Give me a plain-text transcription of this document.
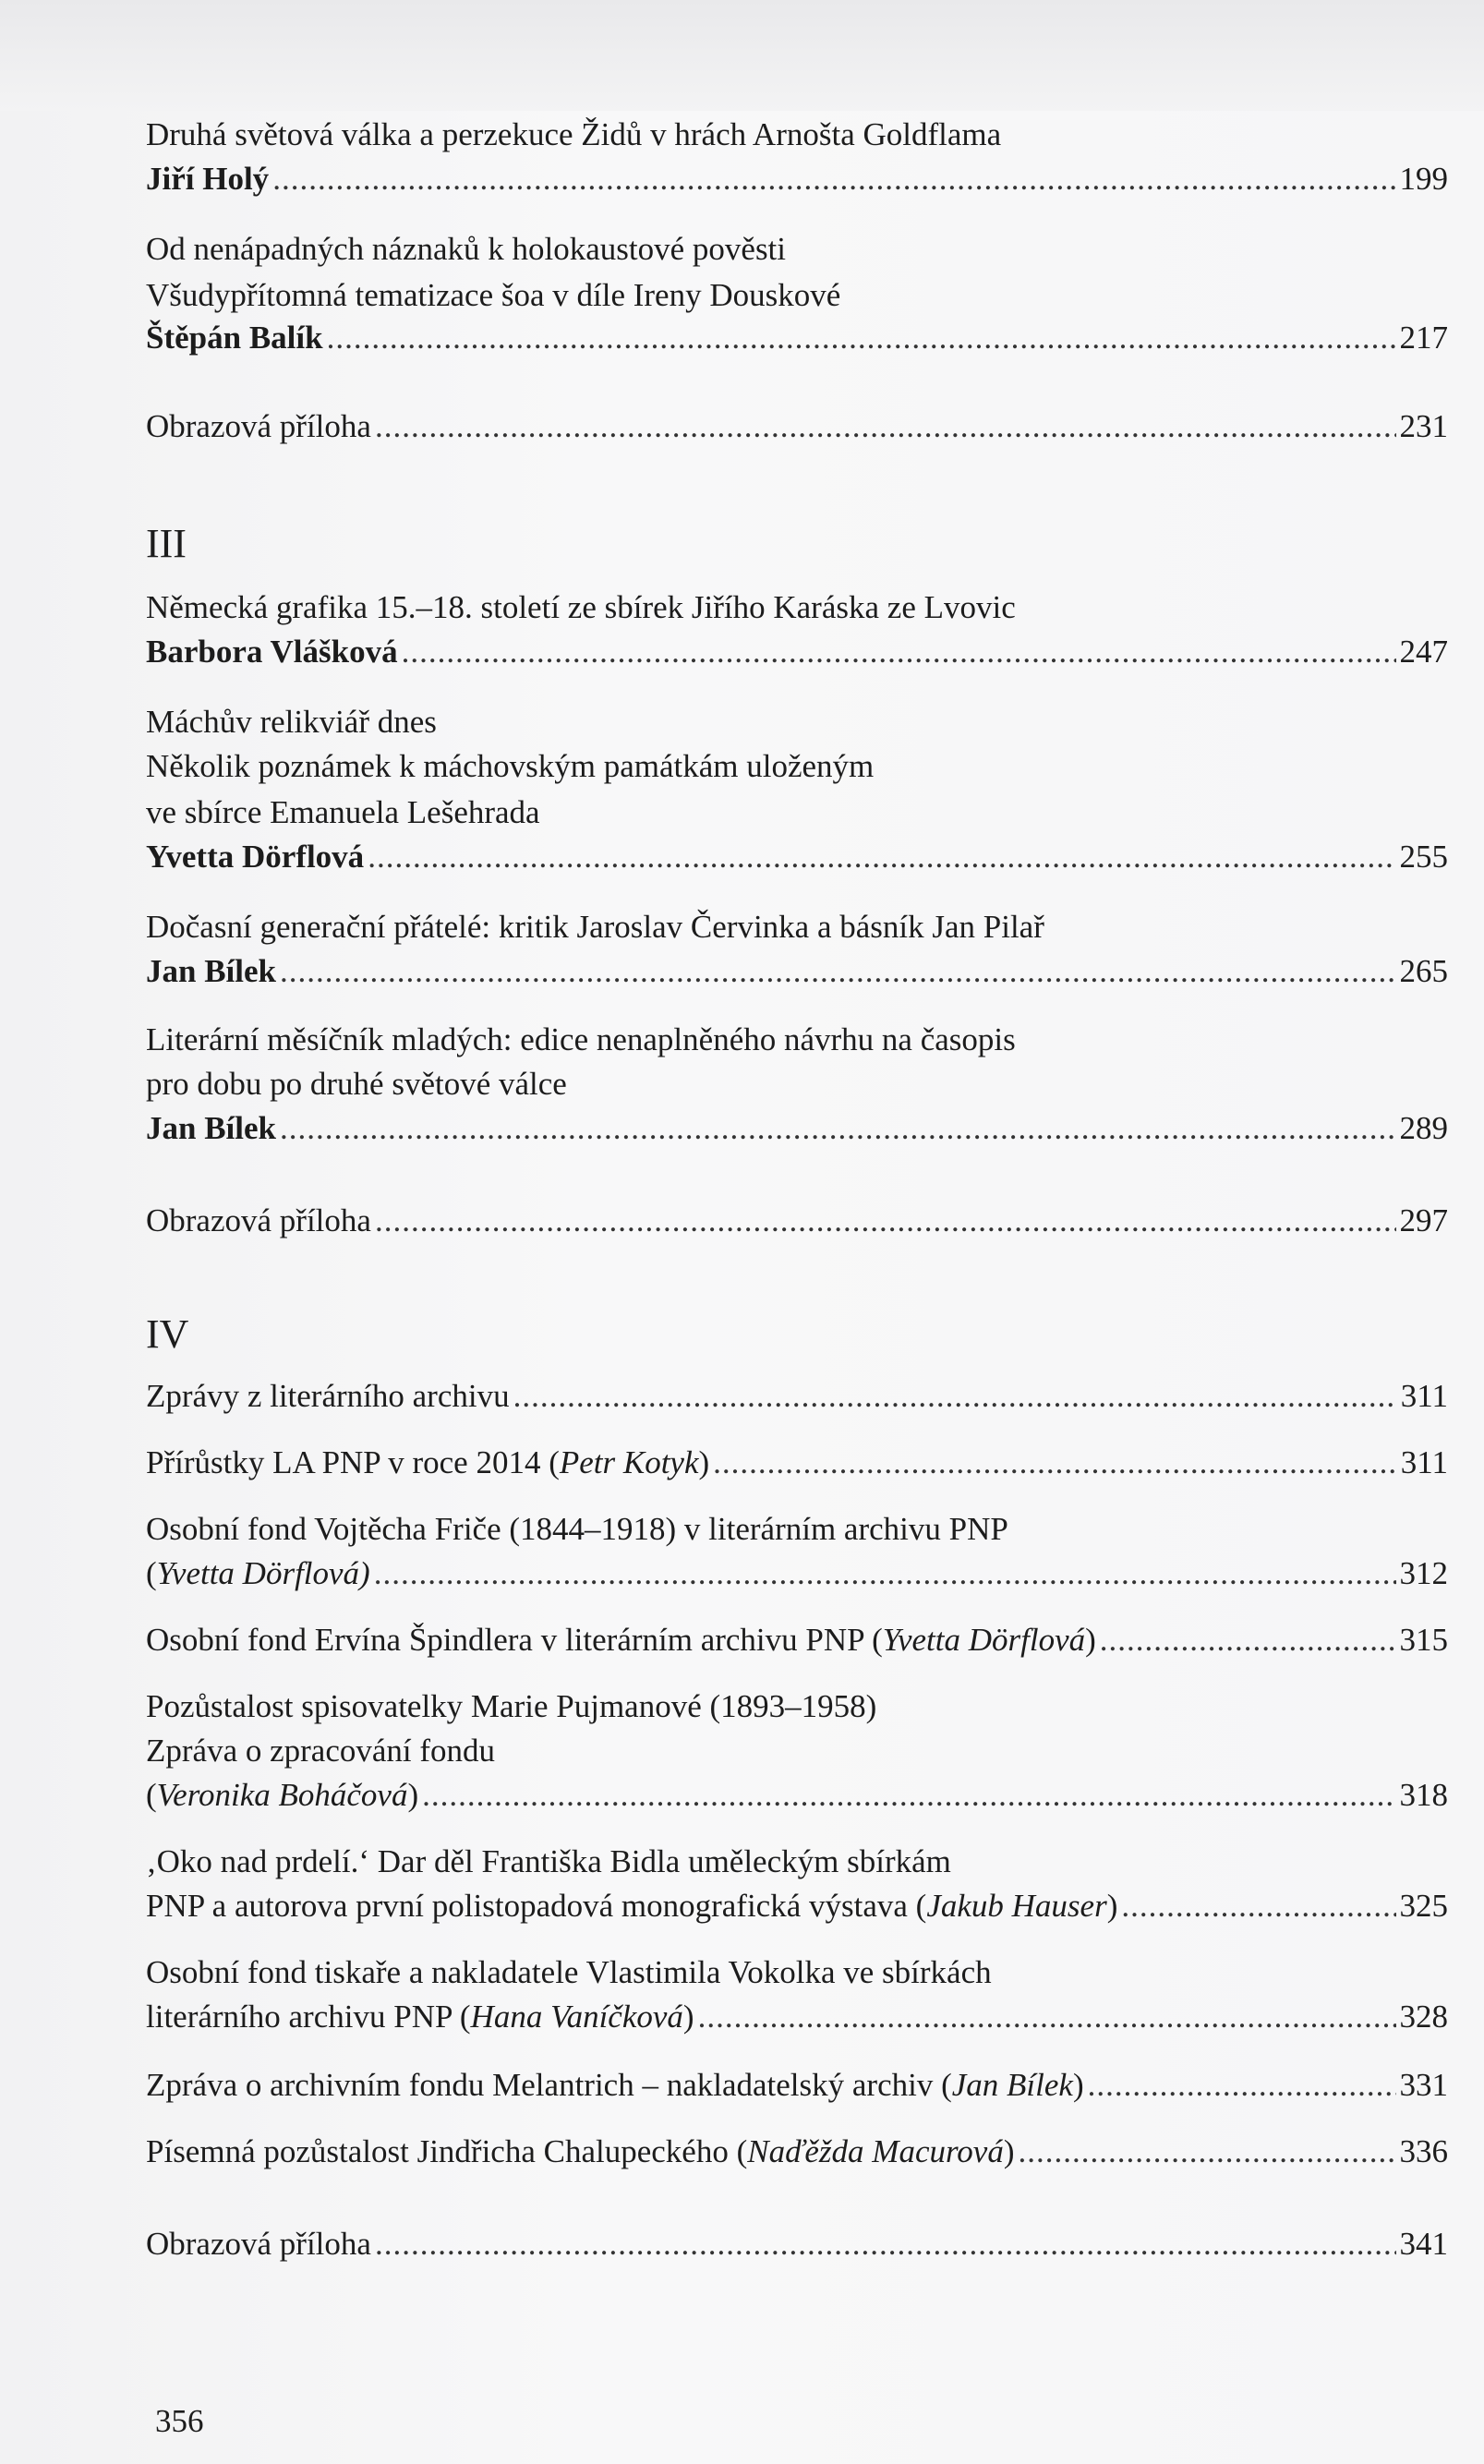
Druhá světová válka a perzekuce Židů v hrách Arnošta Goldflama
Jiří Holý .....	199
Od nenápadných náznaků k holokaustové pověsti
Všudypřítomná tematizace šoa v díle Ireny Douskové
Štěpán Balík .....	217
Obrazová příloha .....	231
III
Německá grafika 15.–18. století ze sbírek Jiřího Karáska ze Lvovic
Barbora Vlášková .....	247
Máchův relikviář dnes
Několik poznámek k máchovským památkám uloženým
ve sbírce Emanuela Lešehrada
Yvetta Dörflová .....	255
Dočasní generační přátelé: kritik Jaroslav Červinka a básník Jan Pilař
Jan Bílek .....	265
Literární měsíčník mladých: edice nenaplněného návrhu na časopis
pro dobu po druhé světové válce
Jan Bílek .....	289
Obrazová příloha .....	297
IV
Zprávy z literárního archivu .....	311
Přírůstky LA PNP v roce 2014 (Petr Kotyk) .....	311
Osobní fond Vojtěcha Friče (1844–1918) v literárním archivu PNP
(Yvetta Dörflová) .....	312
Osobní fond Ervína Špindlera v literárním archivu PNP (Yvetta Dörflová) .....	315
Pozůstalost spisovatelky Marie Pujmanové (1893–1958)
Zpráva o zpracování fondu
(Veronika Boháčová) .....	318
‚Oko nad prdelí.‘ Dar děl Františka Bidla uměleckým sbírkám
PNP a autorova první polistopadová monografická výstava (Jakub Hauser) .....	325
Osobní fond tiskaře a nakladatele Vlastimila Vokolka ve sbírkách
literárního archivu PNP (Hana Vaníčková) .....	328
Zpráva o archivním fondu Melantrich – nakladatelský archiv (Jan Bílek) .....	331
Písemná pozůstalost Jindřicha Chalupeckého (Naďěžda Macurová) .....	336
Obrazová příloha .....	341
356
